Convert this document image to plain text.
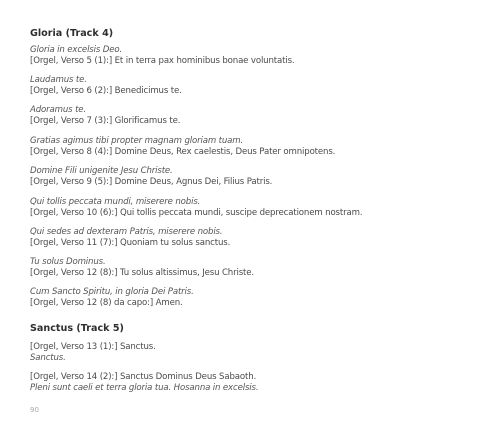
Gloria (Track 4)
Gloria in excelsis Deo.
[Orgel, Verso 5 (1):] Et in terra pax hominibus bonae voluntatis.
Laudamus te.
[Orgel, Verso 6 (2):] Benedicimus te.
Adoramus te.
[Orgel, Verso 7 (3):] Glorificamus te.
Gratias agimus tibi propter magnam gloriam tuam.
[Orgel, Verso 8 (4):] Domine Deus, Rex caelestis, Deus Pater omnipotens.
Domine Fili unigenite Jesu Christe.
[Orgel, Verso 9 (5):] Domine Deus, Agnus Dei, Filius Patris.
Qui tollis peccata mundi, miserere nobis.
[Orgel, Verso 10 (6):] Qui tollis peccata mundi, suscipe deprecationem nostram.
Qui sedes ad dexteram Patris, miserere nobis.
[Orgel, Verso 11 (7):] Quoniam tu solus sanctus.
Tu solus Dominus.
[Orgel, Verso 12 (8):] Tu solus altissimus, Jesu Christe.
Cum Sancto Spiritu, in gloria Dei Patris.
[Orgel, Verso 12 (8) da capo:] Amen.
Sanctus (Track 5)
[Orgel, Verso 13 (1):] Sanctus.
Sanctus.
[Orgel, Verso 14 (2):] Sanctus Dominus Deus Sabaoth.
Pleni sunt caeli et terra gloria tua. Hosanna in excelsis.
90
